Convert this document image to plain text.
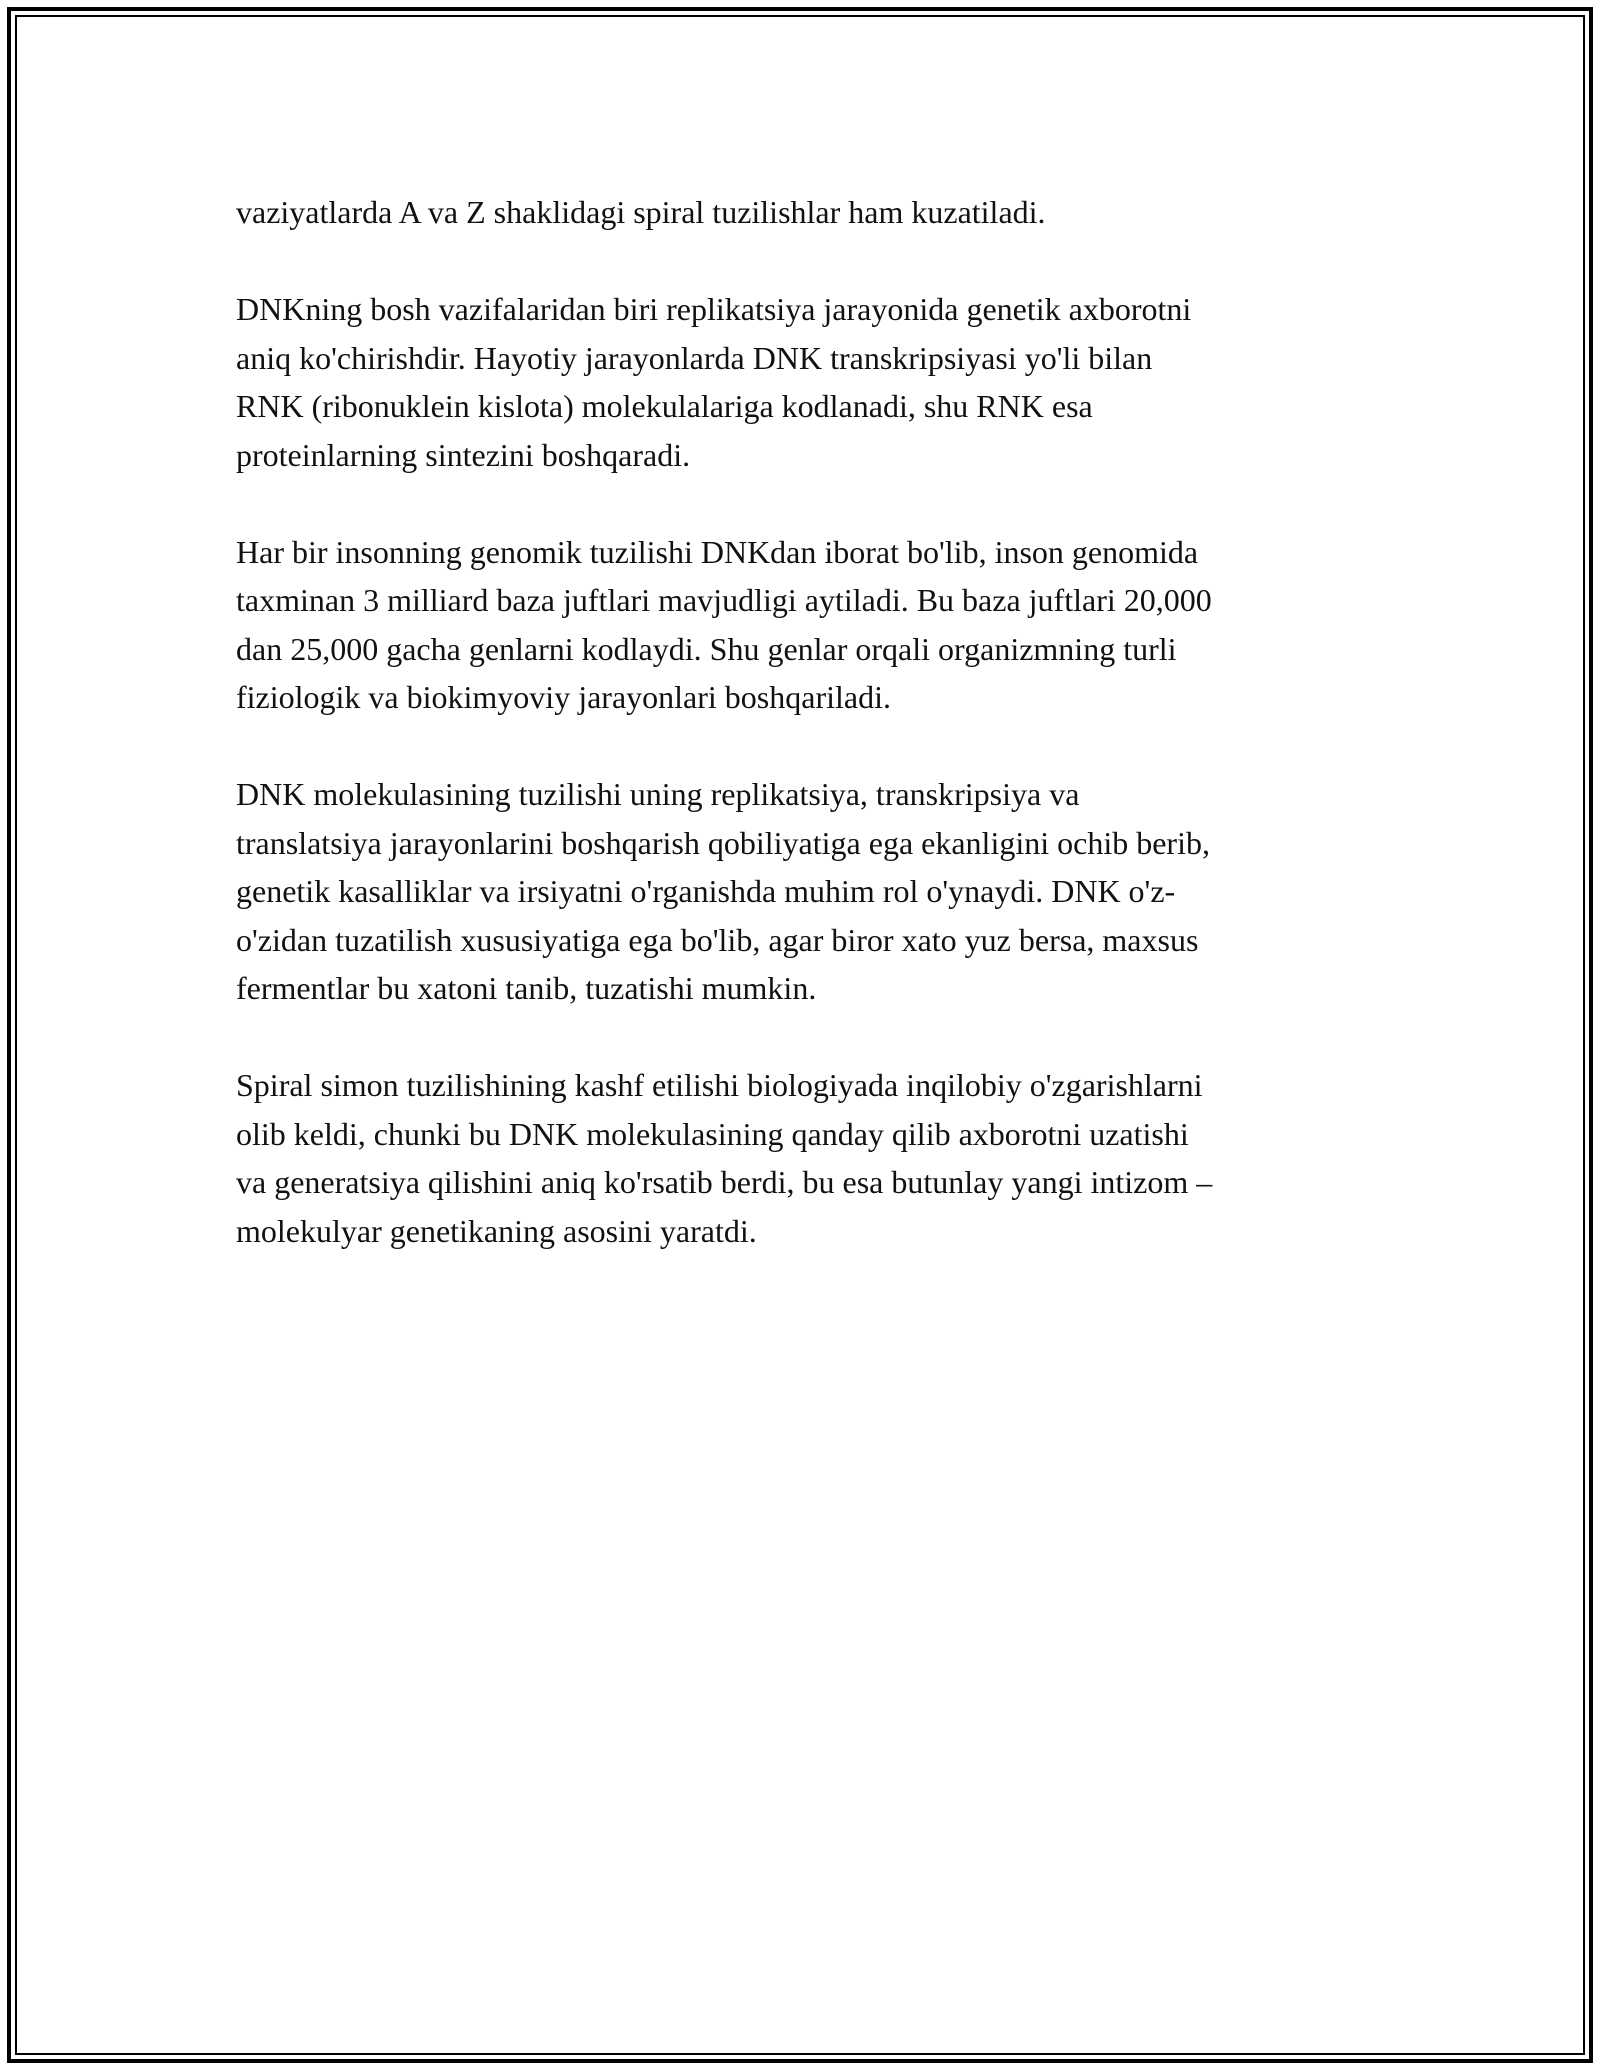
vaziyatlarda A va Z shaklidagi spiral tuzilishlar ham kuzatiladi.

DNKning bosh vazifalaridan biri replikatsiya jarayonida genetik axborotni
aniq ko'chirishdir. Hayotiy jarayonlarda DNK transkripsiyasi yo'li bilan
RNK (ribonuklein kislota) molekulalariga kodlanadi, shu RNK esa
proteinlarning sintezini boshqaradi.

Har bir insonning genomik tuzilishi DNKdan iborat bo'lib, inson genomida
taxminan 3 milliard baza juftlari mavjudligi aytiladi. Bu baza juftlari 20,000
dan 25,000 gacha genlarni kodlaydi. Shu genlar orqali organizmning turli
fiziologik va biokimyoviy jarayonlari boshqariladi.

DNK molekulasining tuzilishi uning replikatsiya, transkripsiya va
translatsiya jarayonlarini boshqarish qobiliyatiga ega ekanligini ochib berib,
genetik kasalliklar va irsiyatni o'rganishda muhim rol o'ynaydi. DNK o'z-
o'zidan tuzatilish xususiyatiga ega bo'lib, agar biror xato yuz bersa, maxsus
fermentlar bu xatoni tanib, tuzatishi mumkin.

Spiral simon tuzilishining kashf etilishi biologiyada inqilobiy o'zgarishlarni
olib keldi, chunki bu DNK molekulasining qanday qilib axborotni uzatishi
va generatsiya qilishini aniq ko'rsatib berdi, bu esa butunlay yangi intizom –
molekulyar genetikaning asosini yaratdi.
